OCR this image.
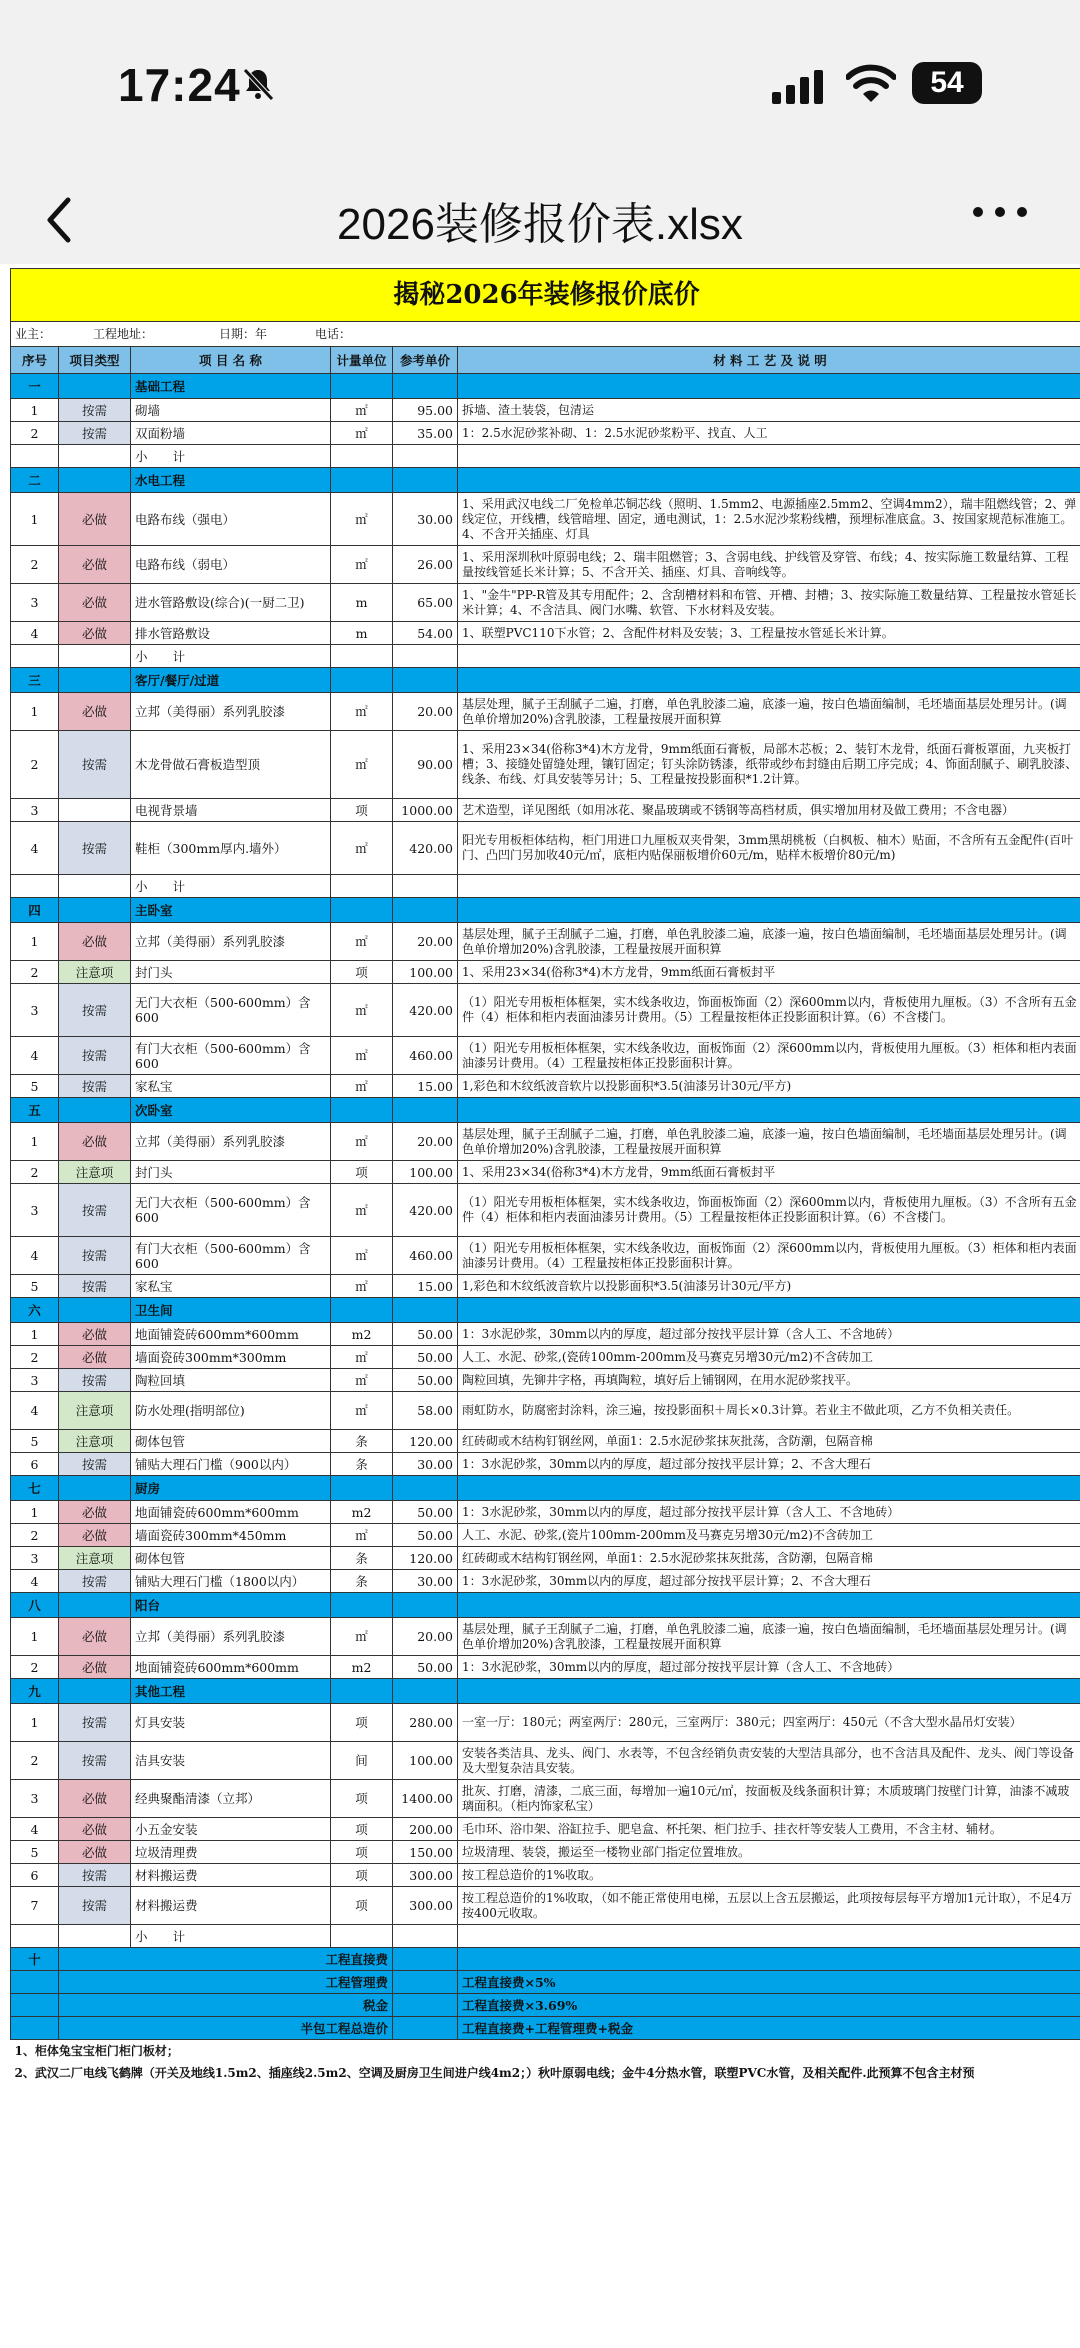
17:24	54
2026装修报价表.xlsx
揭秘2026年装修报价底价					
业主：　　　　工程地址：　　　　　　日期：年　　　　电话：					
序号	项目类型	项 目 名 称	计量单位	参考单价	材 料 工 艺 及 说 明
一		基础工程			
1	按需	砌墙	㎡	95.00	拆墙、渣土装袋，包清运
2	按需	双面粉墙	㎡	35.00	1：2.5水泥砂浆补砌、1：2.5水泥砂浆粉平、找直、人工
		小　　计			
二		水电工程			
1	必做	电路布线（强电）	㎡	30.00	1、采用武汉电线二厂免检单芯铜芯线（照明、1.5mm2、电源插座2.5mm2、空调4mm2），瑞丰阻燃线管；2、弹线定位，开线槽，线管暗埋、固定，通电测试，1：2.5水泥沙浆粉线槽，预埋标准底盒。3、按国家规范标准施工。4、不含开关插座、灯具
2	必做	电路布线（弱电）	㎡	26.00	1、采用深圳秋叶原弱电线；2、瑞丰阻燃管；3、含弱电线、护线管及穿管、布线；4、按实际施工数量结算、工程量按线管延长米计算；5、不含开关、插座、灯具、音响线等。
3	必做	进水管路敷设(综合)(一厨二卫)	m	65.00	1、"金牛"PP-R管及其专用配件；2、含刮槽材料和布管、开槽、封槽；3、按实际施工数量结算、工程量按水管延长米计算；4、不含洁具、阀门水嘴、软管、下水材料及安装。
4	必做	排水管路敷设	m	54.00	1、联塑PVC110下水管；2、含配件材料及安装；3、工程量按水管延长米计算。
		小　　计			
三		客厅/餐厅/过道			
1	必做	立邦（美得丽）系列乳胶漆	㎡	20.00	基层处理，腻子王刮腻子二遍，打磨，单色乳胶漆二遍，底漆一遍，按白色墙面编制，毛坯墙面基层处理另计。(调色单价增加20%)含乳胶漆，工程量按展开面积算
2	按需	木龙骨做石膏板造型顶	㎡	90.00	1、采用23×34(俗称3*4)木方龙骨，9mm纸面石膏板，局部木芯板；2、装钉木龙骨，纸面石膏板罩面，九夹板打槽；3、接缝处留缝处理，镶钉固定；钉头涂防锈漆，纸带或纱布封缝由后期工序完成；4、饰面刮腻子、刷乳胶漆、线条、布线、灯具安装等另计；5、工程量按投影面积*1.2计算。
3		电视背景墙	项	1000.00	艺术造型，详见图纸（如用冰花、聚晶玻璃或不锈钢等高档材质，俱实增加用材及做工费用；不含电器）
4	按需	鞋柜（300mm厚内.墙外）	㎡	420.00	阳光专用板柜体结构，柜门用进口九厘板双夹骨架，3mm黑胡桃板（白枫板、柚木）贴面，不含所有五金配件(百叶门、凸凹门另加收40元/㎡，底柜内贴保丽板增价60元/m，贴样木板增价80元/m)
		小　　计			
四		主卧室			
1	必做	立邦（美得丽）系列乳胶漆	㎡	20.00	基层处理，腻子王刮腻子二遍，打磨，单色乳胶漆二遍，底漆一遍，按白色墙面编制，毛坯墙面基层处理另计。(调色单价增加20%)含乳胶漆，工程量按展开面积算
2	注意项	封门头	项	100.00	1、采用23×34(俗称3*4)木方龙骨，9mm纸面石膏板封平
3	按需	无门大衣柜（500-600mm）含600	㎡	420.00	（1）阳光专用板柜体框架，实木线条收边，饰面板饰面（2）深600mm以内，背板使用九厘板。（3）不含所有五金件（4）柜体和柜内表面油漆另计费用。（5）工程量按柜体正投影面积计算。（6）不含楼门。
4	按需	有门大衣柜（500-600mm）含600	㎡	460.00	（1）阳光专用板柜体框架，实木线条收边，面板饰面（2）深600mm以内，背板使用九厘板。（3）柜体和柜内表面油漆另计费用。（4）工程量按柜体正投影面积计算。
5	按需	家私宝	㎡	15.00	1,彩色和木纹纸波音软片以投影面积*3.5(油漆另计30元/平方)
五		次卧室			
1	必做	立邦（美得丽）系列乳胶漆	㎡	20.00	基层处理，腻子王刮腻子二遍，打磨，单色乳胶漆二遍，底漆一遍，按白色墙面编制，毛坯墙面基层处理另计。(调色单价增加20%)含乳胶漆，工程量按展开面积算
2	注意项	封门头	项	100.00	1、采用23×34(俗称3*4)木方龙骨，9mm纸面石膏板封平
3	按需	无门大衣柜（500-600mm）含600	㎡	420.00	（1）阳光专用板柜体框架，实木线条收边，饰面板饰面（2）深600mm以内，背板使用九厘板。（3）不含所有五金件（4）柜体和柜内表面油漆另计费用。（5）工程量按柜体正投影面积计算。（6）不含楼门。
4	按需	有门大衣柜（500-600mm）含600	㎡	460.00	（1）阳光专用板柜体框架，实木线条收边，面板饰面（2）深600mm以内，背板使用九厘板。（3）柜体和柜内表面油漆另计费用。（4）工程量按柜体正投影面积计算。
5	按需	家私宝	㎡	15.00	1,彩色和木纹纸波音软片以投影面积*3.5(油漆另计30元/平方)
六		卫生间			
1	必做	地面铺瓷砖600mm*600mm	m2	50.00	1：3水泥砂浆，30mm以内的厚度，超过部分按找平层计算（含人工、不含地砖）
2	必做	墙面瓷砖300mm*300mm	㎡	50.00	人工、水泥、砂浆,(瓷砖100mm-200mm及马赛克另增30元/m2)不含砖加工
3	按需	陶粒回填	㎡	50.00	陶粒回填，先铆井字格，再填陶粒，填好后上铺钢网，在用水泥砂浆找平。
4	注意项	防水处理(指明部位)	㎡	58.00	雨虹防水，防腐密封涂料，涂三遍，按投影面积＋周长×0.3计算。若业主不做此项，乙方不负相关责任。
5	注意项	砌体包管	条	120.00	红砖砌或木结构钉钢丝网，单面1：2.5水泥砂浆抹灰批荡，含防潮，包隔音棉
6	按需	铺贴大理石门槛（900以内）	条	30.00	1：3水泥砂浆，30mm以内的厚度，超过部分按找平层计算；2、不含大理石
七		厨房			
1	必做	地面铺瓷砖600mm*600mm	m2	50.00	1：3水泥砂浆，30mm以内的厚度，超过部分按找平层计算（含人工、不含地砖）
2	必做	墙面瓷砖300mm*450mm	㎡	50.00	人工、水泥、砂浆,(瓷片100mm-200mm及马赛克另增30元/m2)不含砖加工
3	注意项	砌体包管	条	120.00	红砖砌或木结构钉钢丝网，单面1：2.5水泥砂浆抹灰批荡，含防潮，包隔音棉
4	按需	铺贴大理石门槛（1800以内）	条	30.00	1：3水泥砂浆，30mm以内的厚度，超过部分按找平层计算；2、不含大理石
八		阳台			
1	必做	立邦（美得丽）系列乳胶漆	㎡	20.00	基层处理，腻子王刮腻子二遍，打磨，单色乳胶漆二遍，底漆一遍，按白色墙面编制，毛坯墙面基层处理另计。(调色单价增加20%)含乳胶漆，工程量按展开面积算
2	必做	地面铺瓷砖600mm*600mm	m2	50.00	1：3水泥砂浆，30mm以内的厚度，超过部分按找平层计算（含人工、不含地砖）
九		其他工程			
1	按需	灯具安装	项	280.00	一室一厅：180元；两室两厅：280元，三室两厅：380元；四室两厅：450元（不含大型水晶吊灯安装）
2	按需	洁具安装	间	100.00	安装各类洁具、龙头、阀门、水表等，不包含经销负责安装的大型洁具部分，也不含洁具及配件、龙头、阀门等设备及大型复杂洁具安装。
3	必做	经典聚酯清漆（立邦）	项	1400.00	批灰、打磨，清漆，二底三面，每增加一遍10元/㎡，按面板及线条面积计算；木质玻璃门按壁门计算，油漆不减玻璃面积。（柜内饰家私宝）
4	必做	小五金安装	项	200.00	毛巾环、浴巾架、浴缸拉手、肥皂盒、杯托架、柜门拉手、挂衣杆等安装人工费用，不含主材、辅材。
5	必做	垃圾清理费	项	150.00	垃圾清理、装袋，搬运至一楼物业部门指定位置堆放。
6	按需	材料搬运费	项	300.00	按工程总造价的1%收取。
7	按需	材料搬运费	项	300.00	按工程总造价的1%收取，（如不能正常使用电梯，五层以上含五层搬运，此项按每层每平方增加1元计取），不足4万按400元收取。
		小　　计			
十	工程直接费				
	工程管理费				工程直接费×5%
	税金				工程直接费×3.69%
	半包工程总造价				工程直接费+工程管理费+税金
1、柜体兔宝宝柜门柜门板材；					
2、武汉二厂电线飞鹤牌（开关及地线1.5m2、插座线2.5m2、空调及厨房卫生间进户线4m2；）秋叶原弱电线；金牛4分热水管，联塑PVC水管，及相关配件.此预算不包含主材预					
